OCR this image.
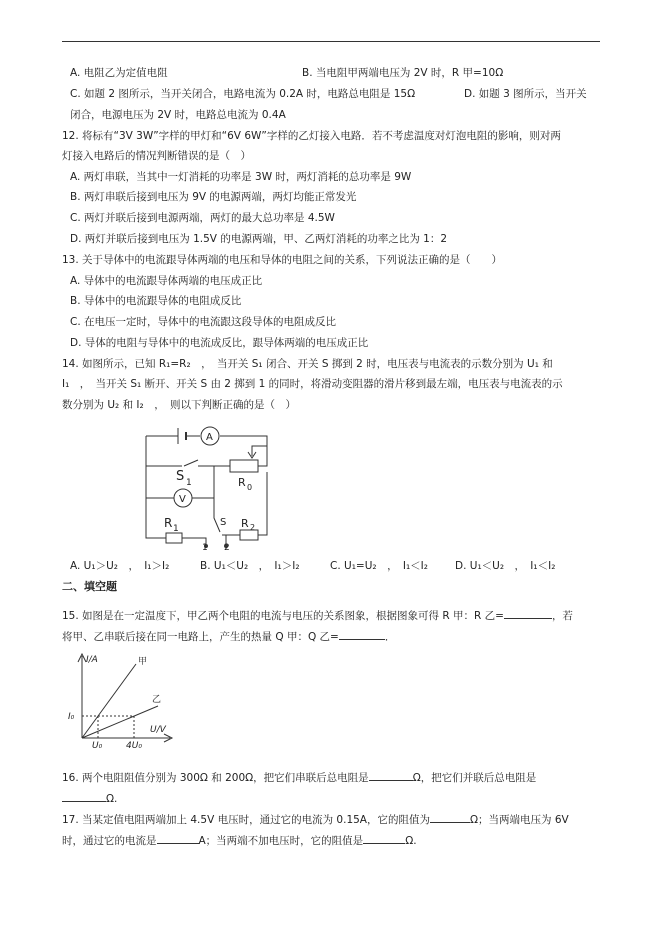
A. 电阻乙为定值电阻	B. 当电阻甲两端电压为 2V 时，R 甲=10Ω
C. 如题 2 图所示，当开关闭合，电路电流为 0.2A 时，电路总电阻是 15Ω	D. 如题 3 图所示，当开关
闭合，电源电压为 2V 时，电路总电流为 0.4A
12. 将标有“3V 3W”字样的甲灯和“6V 6W”字样的乙灯接入电路．若不考虑温度对灯泡电阻的影响，则对两
灯接入电路后的情况判断错误的是（　）
A. 两灯串联，当其中一灯消耗的功率是 3W 时，两灯消耗的总功率是 9W
B. 两灯串联后接到电压为 9V 的电源两端，两灯均能正常发光
C. 两灯并联后接到电源两端，两灯的最大总功率是 4.5W
D. 两灯并联后接到电压为 1.5V 的电源两端，甲、乙两灯消耗的功率之比为 1：2
13. 关于导体中的电流跟导体两端的电压和导体的电阻之间的关系，下列说法正确的是（　　）
A. 导体中的电流跟导体两端的电压成正比
B. 导体中的电流跟导体的电阻成反比
C. 在电压一定时，导体中的电流跟这段导体的电阻成反比
D. 导体的电阻与导体中的电流成反比，跟导体两端的电压成正比
14. 如图所示，已知 R₁=R₂　，　当开关 S₁ 闭合、开关 S 掷到 2 时，电压表与电流表的示数分别为 U₁ 和
I₁　，　当开关 S₁ 断开、开关 S 由 2 掷到 1 的同时，将滑动变阻器的滑片移到最左端，电压表与电流表的示
数分别为 U₂ 和 I₂　，　则以下判断正确的是（　）
A
V
S 1	R 0
R 1
S R 2
1 2
A. U₁＞U₂　，　I₁＞I₂	B. U₁＜U₂　，　I₁＞I₂	C. U₁=U₂　，　I₁＜I₂	D. U₁＜U₂　，　I₁＜I₂
二、填空题
15. 如图是在一定温度下，甲乙两个电阻的电流与电压的关系图象，根据图象可得 R 甲：R 乙=	，若
将甲、乙串联后接在同一电路上，产生的热量 Q 甲：Q 乙=	．
I/A
U/V
甲
乙
I₀
U₀	4U₀
16. 两个电阻阻值分别为 300Ω 和 200Ω，把它们串联后总电阻是	Ω，把它们并联后总电阻是
Ω.
17. 当某定值电阻两端加上 4.5V 电压时，通过它的电流为 0.15A，它的阻值为	Ω；当两端电压为 6V
时，通过它的电流是	A；当两端不加电压时，它的阻值是	Ω.
